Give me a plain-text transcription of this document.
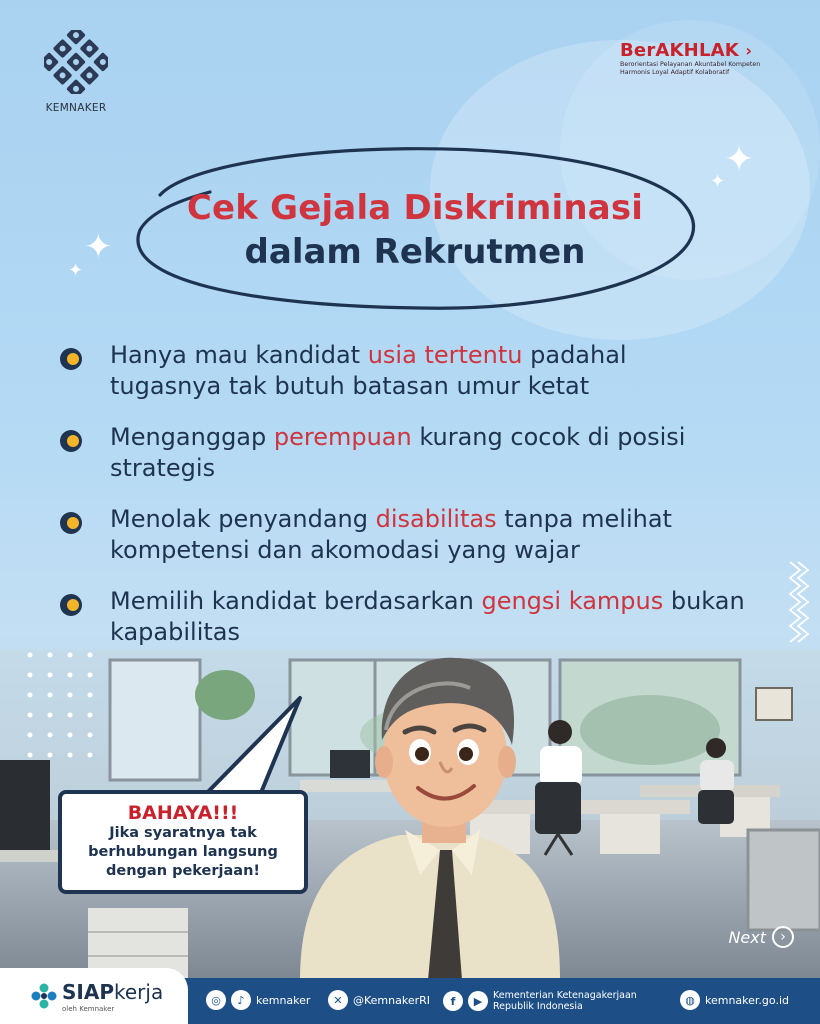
KEMNAKER
BerAKHLAK ›
Berorientasi Pelayanan Akuntabel Kompeten
Harmonis Loyal Adaptif Kolaboratif
✦
✦
✦
✦
Cek Gejala Diskriminasi
dalam Rekrutmen
Hanya mau kandidat usia tertentu padahal tugasnya tak butuh batasan umur ketat
Menganggap perempuan kurang cocok di posisi strategis
Menolak penyandang disabilitas tanpa melihat kompetensi dan akomodasi yang wajar
Memilih kandidat berdasarkan gengsi kampus bukan kapabilitas
BAHAYA!!!
Jika syaratnya tak
berhubungan langsung
dengan pekerjaan!
Next	›
SIAPkerja
oleh Kemnaker
◎	♪	kemnaker	✕ @KemnakerRI	f	▶	Kementerian Ketenagakerjaan
Republik Indonesia	◍ kemnaker.go.id
